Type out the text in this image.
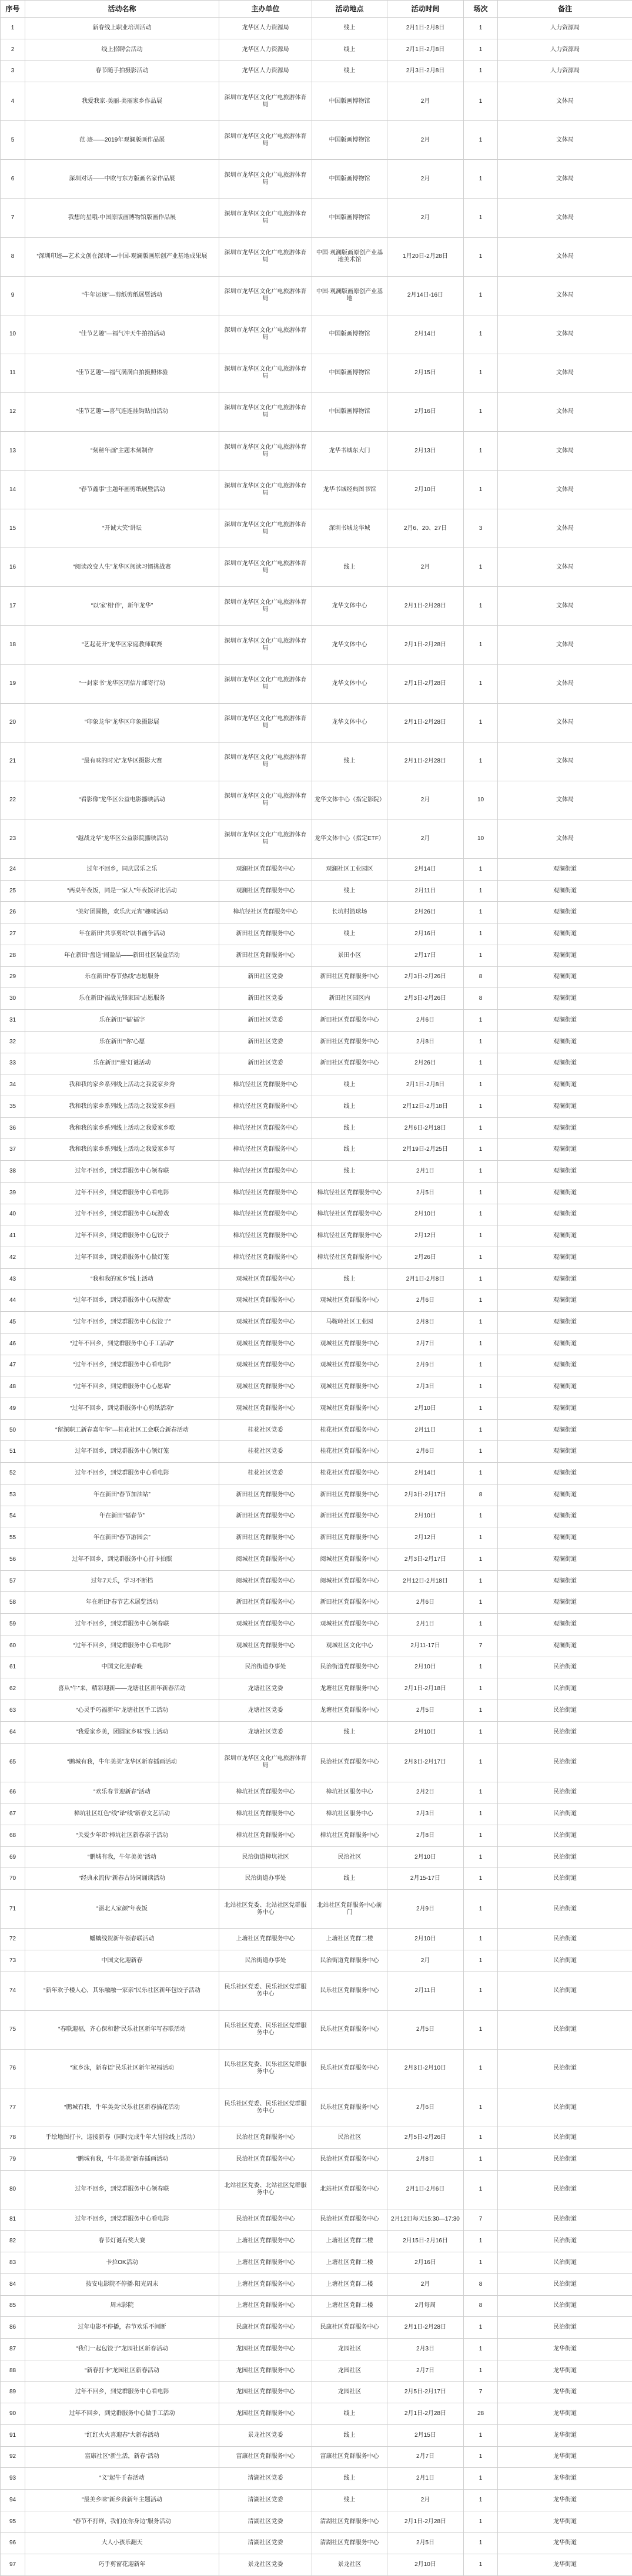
序号	活动名称	主办单位	活动地点	活动时间	场次	备注
1	新春线上职业培训活动	龙华区人力资源局	线上	2月1日-2月8日	1	人力资源局
2	线上招聘会活动	龙华区人力资源局	线上	2月1日-2月8日	1	人力资源局
3	春节随手拍摄影活动	龙华区人力资源局	线上	2月3日-2月8日	1	人力资源局
4	我爱我家·美丽·美丽家乡作品展	深圳市龙华区文化广电旅游体育局	中国版画博物馆	2月	1	文体局
5	范·迹——2019年观澜版画作品展	深圳市龙华区文化广电旅游体育局	中国版画博物馆	2月	1	文体局
6	深圳对话——中欧与东方版画名家作品展	深圳市龙华区文化广电旅游体育局	中国版画博物馆	2月	1	文体局
7	我想的星哦-中国原版画博物馆版画作品展	深圳市龙华区文化广电旅游体育局	中国版画博物馆	2月	1	文体局
8	“深圳印迹—艺术文创在深圳”—中国·观澜版画原创产业基地成果展	深圳市龙华区文化广电旅游体育局	中国·观澜版画原创产业基地美术馆	1月20日-2月28日	1	文体局
9	“牛年运迹”—剪纸剪纸展暨活动	深圳市龙华区文化广电旅游体育局	中国·观澜版画原创产业基地	2月14日-16日	1	文体局
10	“佳节艺趣”—福气冲天牛拍拍活动	深圳市龙华区文化广电旅游体育局	中国版画博物馆	2月14日	1	文体局
11	“佳节艺趣”—福气满满白拍摄照体验	深圳市龙华区文化广电旅游体育局	中国版画博物馆	2月15日	1	文体局
12	“佳节艺趣”—喜气连连挂钩贴拍活动	深圳市龙华区文化广电旅游体育局	中国版画博物馆	2月16日	1	文体局
13	“刻秘年画”主题木刻制作	深圳市龙华区文化广电旅游体育局	龙华书城东大门	2月13日	1	文体局
14	“春节鑫事”主题年画剪纸展暨活动	深圳市龙华区文化广电旅游体育局	龙华书城经典图书馆	2月10日	1	文体局
15	“开诚大笑”讲坛	深圳市龙华区文化广电旅游体育局	深圳书城龙华城	2月6、20、27日	3	文体局
16	“阅读改变人生”龙华区阅读习惯挑战赛	深圳市龙华区文化广电旅游体育局	线上	2月	1	文体局
17	“以‘家’相‘伴’，新年龙华”	深圳市龙华区文化广电旅游体育局	龙华文体中心	2月1日-2月28日	1	文体局
18	“艺起花开”龙华区家庭教师联赛	深圳市龙华区文化广电旅游体育局	龙华文体中心	2月1日-2月28日	1	文体局
19	“一封家书”龙华区明信片邮寄行动	深圳市龙华区文化广电旅游体育局	龙华文体中心	2月1日-2月28日	1	文体局
20	“印象龙华”龙华区印象摄影展	深圳市龙华区文化广电旅游体育局	龙华文体中心	2月1日-2月28日	1	文体局
21	“最有味的时光”龙华区摄影大赛	深圳市龙华区文化广电旅游体育局	线上	2月1日-2月28日	1	文体局
22	“看影像”龙华区公益电影播映活动	深圳市龙华区文化广电旅游体育局	龙华文体中心（指定影院）	2月	10	文体局
23	“越战龙华”龙华区公益影院播映活动	深圳市龙华区文化广电旅游体育局	龙华文体中心（指定ETF）	2月	10	文体局
24	过年不回乡，同庆居乐之乐	观澜社区党群服务中心	观澜社区工业园区	2月14日	1	观澜街道
25	“两桌年夜饭，同是一家人”年夜饭评比活动	观澜社区党群服务中心	线上	2月11日	1	观澜街道
26	“美好团圆搬，欢乐庆元宵”趣味活动	樟坑径社区党群服务中心	长坑村篮球场	2月26日	1	观澜街道
27	年在新田“共享剪纸”以书画争活动	新田社区党群服务中心	线上	2月16日	1	观澜街道
28	年在新田“盘送”闹盈品——新田社区装盒活动	新田社区党群服务中心	景田小区	2月17日	1	观澜街道
29	乐在新田“春节热线”志愿服务	新田社区党委	新田社区党群服务中心	2月3日-2月26日	8	观澜街道
30	乐在新田“福战先锋家园”志愿服务	新田社区党委	新田社区园区内	2月3日-2月26日	8	观澜街道
31	乐在新田“‘福’福字	新田社区党委	新田社区党群服务中心	2月6日	1	观澜街道
32	乐在新田“‘你’心愿	新田社区党委	新田社区党群服务中心	2月8日	1	观澜街道
33	乐在新田“‘慈’灯谜活动	新田社区党委	新田社区党群服务中心	2月26日	1	观澜街道
34	我和我的家乡系列线上活动之我爱家乡秀	樟坑径社区党群服务中心	线上	2月1日-2月8日	1	观澜街道
35	我和我的家乡系列线上活动之我爱家乡画	樟坑径社区党群服务中心	线上	2月12日-2月18日	1	观澜街道
36	我和我的家乡系列线上活动之我爱家乡歌	樟坑径社区党群服务中心	线上	2月6日-2月18日	1	观澜街道
37	我和我的家乡系列线上活动之我爱家乡写	樟坑径社区党群服务中心	线上	2月19日-2月25日	1	观澜街道
38	过年不回乡，到党群服务中心领春联	樟坑径社区党群服务中心	线上	2月1日	1	观澜街道
39	过年不回乡，到党群服务中心看电影	樟坑径社区党群服务中心	樟坑径社区党群服务中心	2月5日	1	观澜街道
40	过年不回乡，到党群服务中心玩游戏	樟坑径社区党群服务中心	樟坑径社区党群服务中心	2月10日	1	观澜街道
41	过年不回乡，到党群服务中心包饺子	樟坑径社区党群服务中心	樟坑径社区党群服务中心	2月12日	1	观澜街道
42	过年不回乡，到党群服务中心做灯笼	樟坑径社区党群服务中心	樟坑径社区党群服务中心	2月26日	1	观澜街道
43	“我和我的家乡”线上活动	观城社区党群服务中心	线上	2月1日-2月8日	1	观澜街道
44	“过年不回乡，到党群服务中心玩游戏”	观城社区党群服务中心	观城社区党群服务中心	2月6日	1	观澜街道
45	“过年不回乡，到党群服务中心包饺子”	观城社区党群服务中心	马鞍岭社区工业园	2月8日	1	观澜街道
46	“过年不回乡，到党群服务中心手工活动”	观城社区党群服务中心	观城社区党群服务中心	2月7日	1	观澜街道
47	“过年不回乡，到党群服务中心看电影”	观城社区党群服务中心	观城社区党群服务中心	2月9日	1	观澜街道
48	“过年不回乡，到党群服务中心心愿墙”	观城社区党群服务中心	观城社区党群服务中心	2月3日	1	观澜街道
49	“过年不回乡，到党群服务中心剪纸活动”	观城社区党群服务中心	观城社区党群服务中心	2月10日	1	观澜街道
50	“留深职工新春嘉年华”—桂花社区工会联合新春活动	桂花社区党委	桂花社区党群服务中心	2月11日	1	观澜街道
51	过年不回乡，到党群服务中心领灯笼	桂花社区党委	桂花社区党群服务中心	2月6日	1	观澜街道
52	过年不回乡，到党群服务中心看电影	桂花社区党委	桂花社区党群服务中心	2月14日	1	观澜街道
53	年在新田“春节加油站”	新田社区党群服务中心	新田社区党群服务中心	2月3日-2月17日	8	观澜街道
54	年在新田“福春节”	新田社区党群服务中心	新田社区党群服务中心	2月10日	1	观澜街道
55	年在新田“春节游园会”	新田社区党群服务中心	新田社区党群服务中心	2月12日	1	观澜街道
56	过年不回乡，到党群服务中心打卡拍照	阅城社区党群服务中心	阅城社区党群服务中心	2月3日-2月17日	1	观澜街道
57	过年7天乐，学习不断档	阅城社区党群服务中心	阅城社区党群服务中心	2月12日-2月18日	1	观澜街道
58	年在新田“春节艺术展览活动	新田社区党群服务中心	新田社区党群服务中心	2月6日	1	观澜街道
59	过年不回乡，到党群服务中心领春联	观城社区党群服务中心	观城社区党群服务中心	2月1日	1	观澜街道
60	“过年不回乡，到党群服务中心看电影”	观城社区党群服务中心	观城社区文化中心	2月11-17日	7	观澜街道
61	中国文化迎春晚	民治街道办事处	民治街道党群服务中心	2月10日	1	民治街道
62	喜从“牛”来，精彩迎新——龙塘社区新年新春活动	龙塘社区党委	龙塘社区党群服务中心	2月1日-2月18日	1	民治街道
63	“心灵手巧福新年”龙塘社区手工活动	龙塘社区党委	龙塘社区党群服务中心	2月5日	1	民治街道
64	“我爱家乡美，团圆家乡味”线上活动	龙塘社区党委	线上	2月10日	1	民治街道
65	“鹏城有我，牛年美美”龙华区新春插画活动	深圳市龙华区文化广电旅游体育局	民治社区党群服务中心	2月3日-2月17日	1	民治街道
66	“欢乐春节迎新春”活动	樟坑社区党群服务中心	樟坑社区服务中心	2月2日	1	民治街道
67	樟坑社区红色“线”译“线”新春文艺活动	樟坑社区党群服务中心	樟坑社区服务中心	2月3日	1	民治街道
68	“关爱少年郎”樟坑社区新春亲子活动	樟坑社区党群服务中心	樟坑社区党群服务中心	2月8日	1	民治街道
69	“鹏城有我，牛年美美”活动	民治街道樟坑社区	民治社区	2月10日	1	民治街道
70	“经典永流传”新春古诗词诵读活动	民治街道办事处	线上	2月15-17日	1	民治街道
71	“湛北人家颜”年夜饭	北站社区党委、北站社区党群服务中心	北站社区党群服务中心前门	2月9日	1	民治街道
72	蟠螭线贺新年领春联活动	上塘社区党群服务中心	上塘社区党群二楼	2月10日	1	民治街道
73	中国文化迎新春	民治街道办事处	民治街道党群服务中心	2月	1	民治街道
74	“新年欢子楼人心，其乐融融一家亲”民乐社区新年包饺子活动	民乐社区党委、民乐社区党群服务中心	民乐社区党群服务中心	2月11日	1	民治街道
75	“春联迎福，齐心保和谐”民乐社区新年写春联活动	民乐社区党委、民乐社区党群服务中心	民乐社区党群服务中心	2月5日	1	民治街道
76	“家乡泳，新春语”民乐社区新年祝福活动	民乐社区党委、民乐社区党群服务中心	民乐社区党群服务中心	2月3日-2月10日	1	民治街道
77	“鹏城有我，牛年美美”民乐社区新春插花活动	民乐社区党委、民乐社区党群服务中心	民乐社区党群服务中心	2月6日	1	民治街道
78	手绘地图打卡，迎接新春（同时完成牛年大冒险线上活动）	民治社区党群服务中心	民治社区	2月5日-2月26日	1	民治街道
79	“鹏城有我，牛年美美”新春插画活动	民治社区党群服务中心	民治社区党群服务中心	2月8日	1	民治街道
80	过年不回乡，到党群服务中心领春联	北站社区党委、北站社区党群服务中心	北站社区党群服务中心	2月1日-2月6日	1	民治街道
81	过年不回乡，到党群服务中心看电影	民治社区党群服务中心	民治社区党群服务中心	2月12日每天15:30—17:30	7	民治街道
82	春节灯谜有奖大赛	上塘社区党群服务中心	上塘社区党群二楼	2月15日-2月16日	1	民治街道
83	卡拉OK活动	上塘社区党群服务中心	上塘社区党群二楼	2月16日	1	民治街道
84	按安电影院不停播·阳光周末	上塘社区党群服务中心	上塘社区党群二楼	2月	8	民治街道
85	周末影院	上塘社区党群服务中心	上塘社区党群二楼	2月每周	8	民治街道
86	过年电影不停播，春节欢乐不间断	民康社区党群服务中心	民康社区党群服务中心	2月1日-2月28日	1	民治街道
87	“我们一起包饺子”龙园社区新春活动	龙园社区党群服务中心	龙园社区	2月3日	1	龙华街道
88	“新春打卡”龙园社区新春活动	龙园社区党群服务中心	龙园社区	2月7日	1	龙华街道
89	过年不回乡，到党群服务中心看电影	龙园社区党群服务中心	龙园社区	2月5日-2月17日	7	龙华街道
90	过年不回乡，到党群服务中心做手工活动	龙园社区党群服务中心	线上	2月1日-2月28日	28	龙华街道
91	“红红火火喜迎春”大新春活动	景龙社区党委	线上	2月15日	1	龙华街道
92	富康社区“新生活，新春”活动	富康社区党群服务中心	富康社区党群服务中心	2月7日	1	龙华街道
93	“义”起牛千春活动	清湖社区党委	线上	2月1日	1	龙华街道
94	“最美乡味”新乡贵新年主题活动	清湖社区党委	线上	2月	1	龙华街道
95	“春节不打烊，我们在你身边”服务活动	清湖社区党委	清湖社区党群服务中心	2月1日-2月28日	1	龙华街道
96	大人小孩乐翻天	清湖社区党委	清湖社区党群服务中心	2月5日	1	龙华街道
97	巧手剪窗花迎新年	景龙社区党委	景龙社区	2月10日	1	龙华街道
